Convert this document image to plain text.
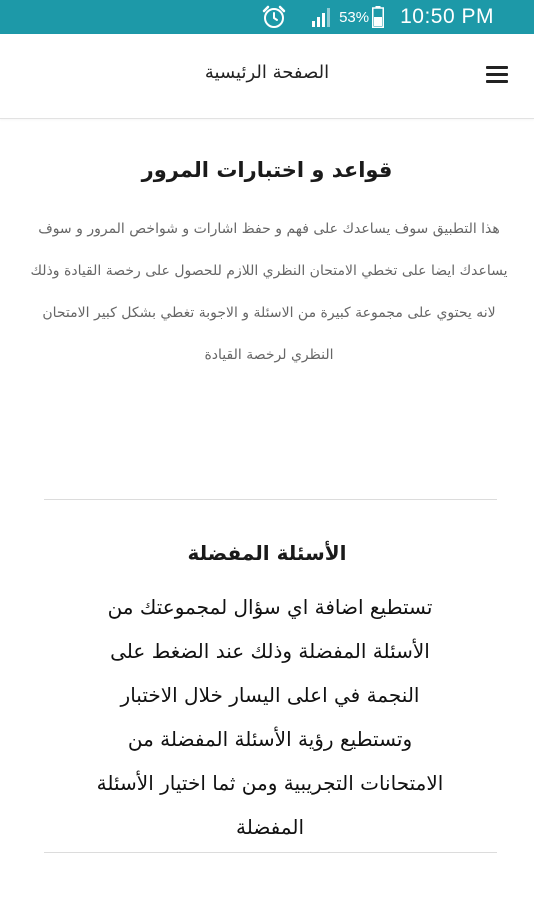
53% 10:50 PM
الصفحة الرئيسية
قواعد و اختبارات المرور
هذا التطبيق سوف يساعدك على فهم و حفظ اشارات و شواخص المرور و سوف يساعدك ايضا على تخطي الامتحان النظري اللازم للحصول على رخصة القيادة وذلك لانه يحتوي على مجموعة كبيرة من الاسئلة و الاجوبة تغطي بشكل كبير الامتحان النظري لرخصة القيادة
الأسئلة المفضلة
تستطيع اضافة اي سؤال لمجموعتك من الأسئلة المفضلة وذلك عند الضغط على النجمة في اعلى اليسار خلال الاختبار وتستطيع رؤية الأسئلة المفضلة من الامتحانات التجريبية ومن ثما اختيار الأسئلة المفضلة
